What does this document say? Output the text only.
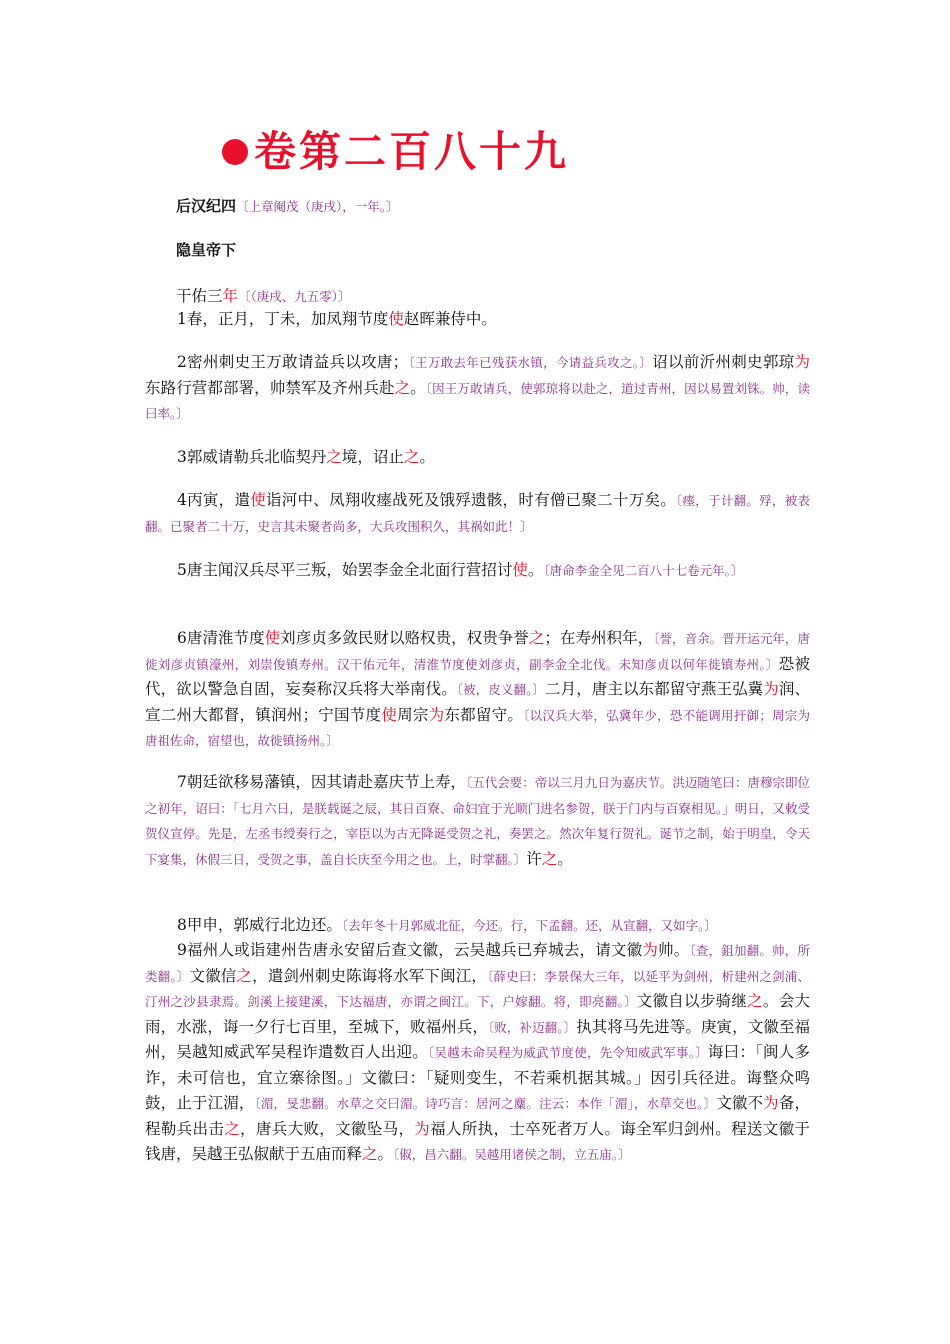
卷第二百八十九
后汉纪四〔上章阉茂（庚戌），一年。〕
隐皇帝下
干佑三年〔（庚戌、九五零）〕

1春，正月，丁未，加凤翔节度使赵晖兼侍中。

2密州刺史王万敢请益兵以攻唐；〔王万敢去年已残获水镇，今请益兵攻之。〕诏以前沂州刺史郭琼为东路行营都部署，帅禁军及齐州兵赴之。〔因王万敢请兵，使郭琼将以赴之，道过青州，因以易置刘铢。帅，读曰率。〕

3郭威请勒兵北临契丹之境，诏止之。

4丙寅，遣使诣河中、凤翔收瘗战死及饿殍遗骸，时有僧已聚二十万矣。〔瘗，于计翻。殍，被表翻。已聚者二十万，史言其未聚者尚多，大兵攻围积久，其祸如此！〕

5唐主闻汉兵尽平三叛，始罢李金全北面行营招讨使。〔唐命李金全见二百八十七卷元年。〕

6唐清淮节度使刘彦贞多敛民财以赂权贵，权贵争誉之；在寿州积年，〔誉，音余。晋开运元年，唐徙刘彦贞镇濠州，刘崇俊镇寿州。汉干佑元年，清淮节度使刘彦贞，副李金全北伐。未知彦贞以何年徙镇寿州。〕恐被代，欲以警急自固，妄奏称汉兵将大举南伐。〔被，皮义翻。〕二月，唐主以东都留守燕王弘冀为润、宣二州大都督，镇润州；宁国节度使周宗为东都留守。〔以汉兵大举，弘冀年少，恐不能调用扞御；周宗为唐祖佐命，宿望也，故徙镇扬州。〕

7朝廷欲移易藩镇，因其请赴嘉庆节上寿，〔五代会要：帝以三月九日为嘉庆节。洪迈随笔曰：唐穆宗即位之初年，诏曰：「七月六日，是朕载诞之辰，其日百寮、命妇宜于光顺门进名参贺，朕于门内与百寮相见。」明日，又敕受贺仪宣停。先是，左丞韦绶奏行之，宰臣以为古无降诞受贺之礼，奏罢之。然次年复行贺礼。诞节之制，始于明皇，令天下宴集，休假三日，受贺之事，盖自长庆至今用之也。上，时掌翻。〕许之。

8甲申，郭威行北边还。〔去年冬十月郭威北征，今还。行，下孟翻。还，从宣翻，又如字。〕

9福州人或诣建州告唐永安留后查文徽，云吴越兵已弃城去，请文徽为帅。〔查，鉏加翻。帅，所类翻。〕文徽信之，遣剑州刺史陈诲将水军下闽江，〔薛史曰：李景保大三年，以延平为剑州，析建州之剑浦、汀州之沙县隶焉。剑溪上接建溪，下达福唐，亦谓之闽江。下，户嫁翻。将，即亮翻。〕文徽自以步骑继之。会大雨，水涨，诲一夕行七百里，至城下，败福州兵，〔败，补迈翻。〕执其将马先进等。庚寅，文徽至福州，吴越知威武军吴程诈遣数百人出迎。〔吴越未命吴程为威武节度使，先令知威武军事。〕诲曰：「闽人多诈，未可信也，宜立寨徐图。」文徽曰：「疑则变生，不若乘机据其城。」因引兵径进。诲整众鸣鼓，止于江湄，〔湄，旻悲翻。水草之交曰湄。诗巧言：居河之麋。注云：本作「湄」，水草交也。〕文徽不为备，程勒兵出击之，唐兵大败，文徽坠马，为福人所执，士卒死者万人。诲全军归剑州。程送文徽于钱唐，吴越王弘俶献于五庙而释之。〔俶，昌六翻。吴越用诸侯之制，立五庙。〕
